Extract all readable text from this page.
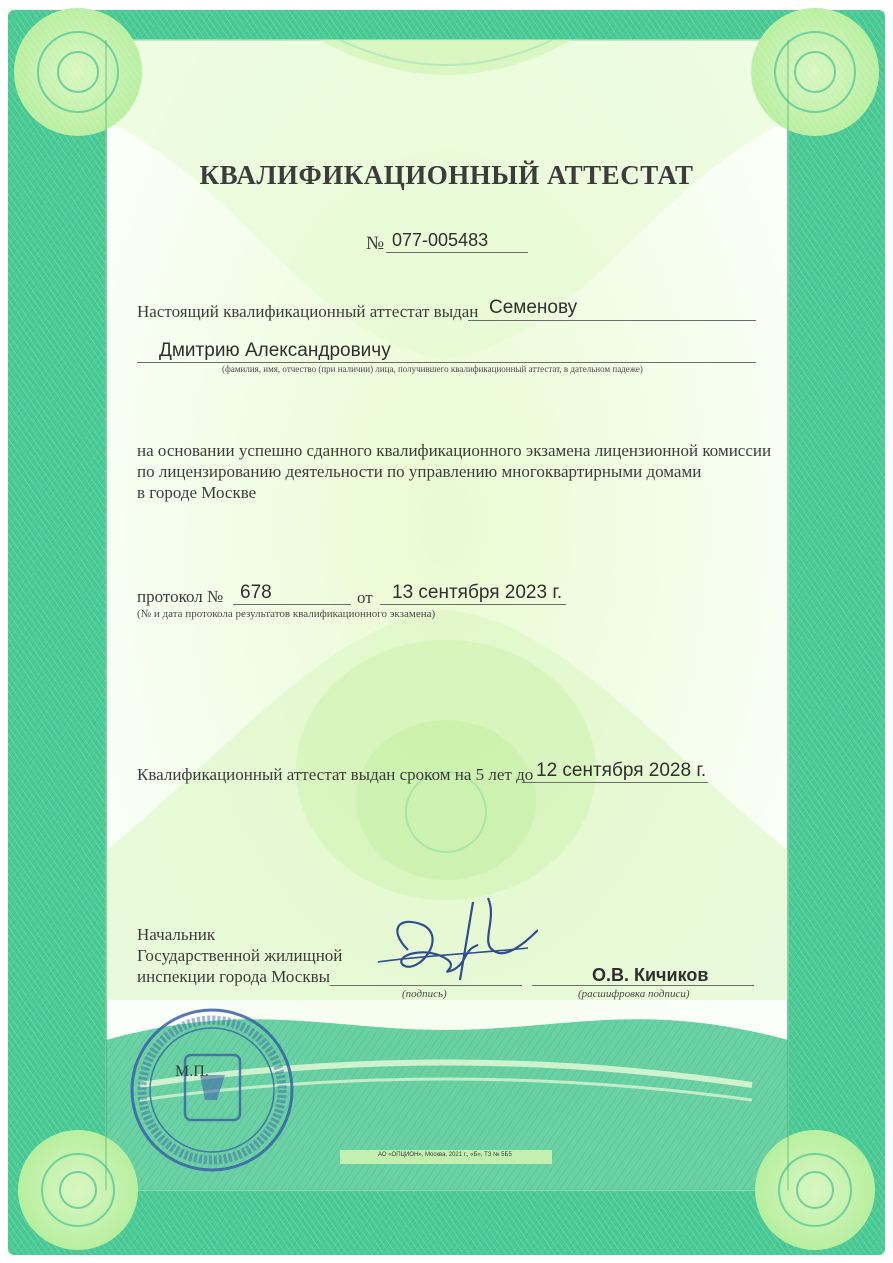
КВАЛИФИКАЦИОННЫЙ АТТЕСТАТ
№ 077-005483
Настоящий квалификационный аттестат выдан Семенову
Дмитрию Александровичу
(фамилия, имя, отчество (при наличии) лица, получившего квалификационный аттестат, в дательном падеже)
на основании успешно сданного квалификационного экзамена лицензионной комиссии
по лицензированию деятельности по управлению многоквартирными домами
в городе Москве
протокол № 678	от 13 сентября 2023 г.
(№ и дата протокола результатов квалификационного экзамена)
Квалификационный аттестат выдан сроком на 5 лет до 12 сентября 2028 г.
Начальник
Государственной жилищной
инспекции города Москвы
(подпись)
О.В. Кичиков
(расшифровка подписи)
М.П.
АО «ОПЦИОН», Москва, 2021 г., «Б», ТЗ № 5Б5
